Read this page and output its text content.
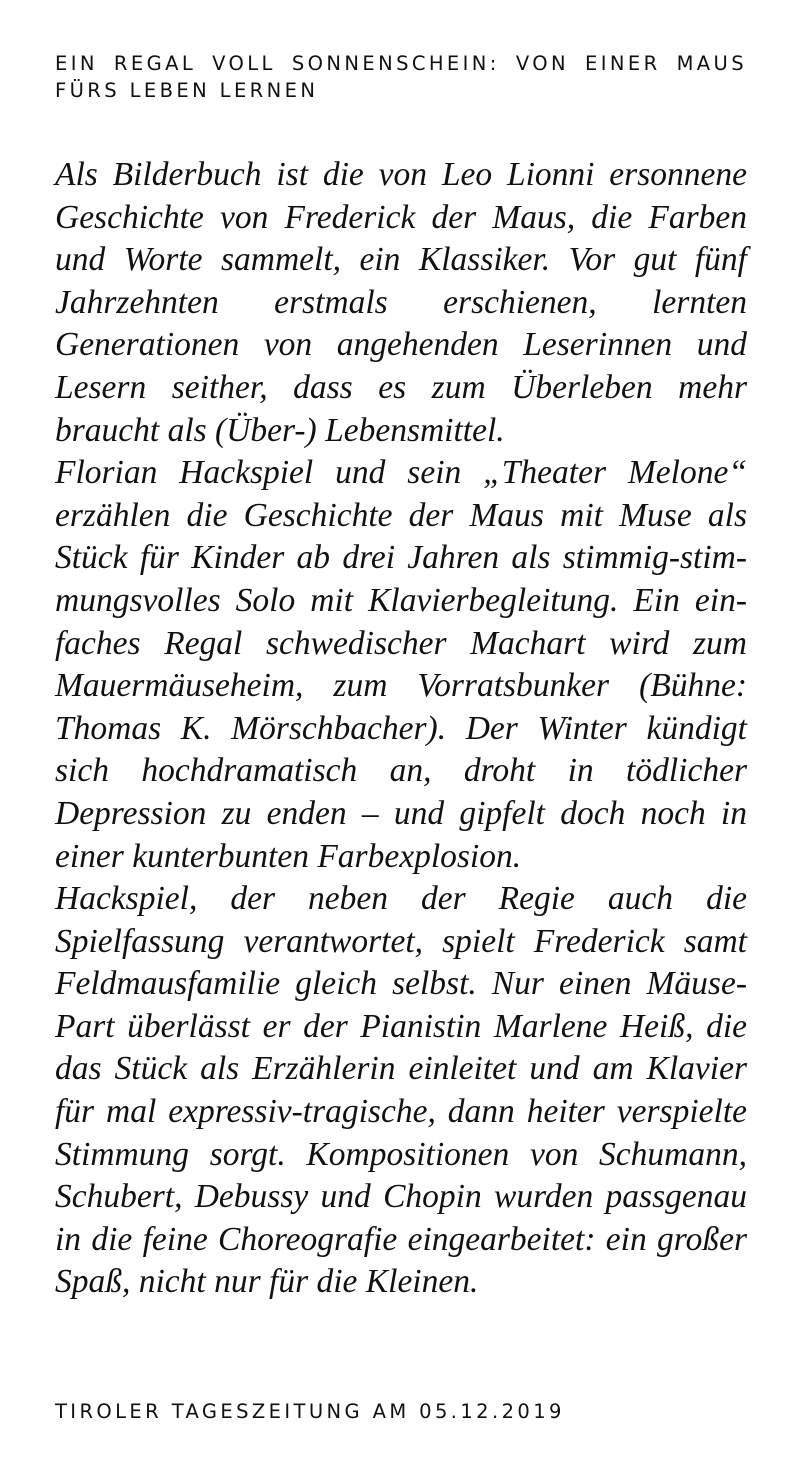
EIN REGAL VOLL SONNENSCHEIN: VON EINER MAUS FÜRS LEBEN LERNEN

Als Bilderbuch ist die von Leo Lionni ersonnene Geschichte von Frederick der Maus, die Farben und Worte sammelt, ein Klassiker. Vor gut fünf Jahrzehnten erstmals erschienen, lernten Generationen von angehenden Leserinnen und Lesern seither, dass es zum Überleben mehr braucht als (Über-) Lebensmittel.

Florian Hackspiel und sein „Theater Melone“ erzählen die Geschichte der Maus mit Muse als Stück für Kinder ab drei Jahren als stimmig-stimmungsvolles Solo mit Klavierbegleitung. Ein einfaches Regal schwedischer Machart wird zum Mauermäuseheim, zum Vorratsbunker (Bühne: Thomas K. Mörschbacher). Der Winter kündigt sich hochdramatisch an, droht in tödlicher Depression zu enden – und gipfelt doch noch in einer kunterbunten Farbexplosion.

Hackspiel, der neben der Regie auch die Spielfassung verantwortet, spielt Frederick samt Feldmausfamilie gleich selbst. Nur einen Mäuse-Part überlässt er der Pianistin Marlene Heiß, die das Stück als Erzählerin einleitet und am Klavier für mal expressiv-tragische, dann heiter verspielte Stimmung sorgt. Kompositionen von Schumann, Schubert, Debussy und Chopin wurden passgenau in die feine Choreografie eingearbeitet: ein großer Spaß, nicht nur für die Kleinen.

TIROLER TAGESZEITUNG AM 05.12.2019
